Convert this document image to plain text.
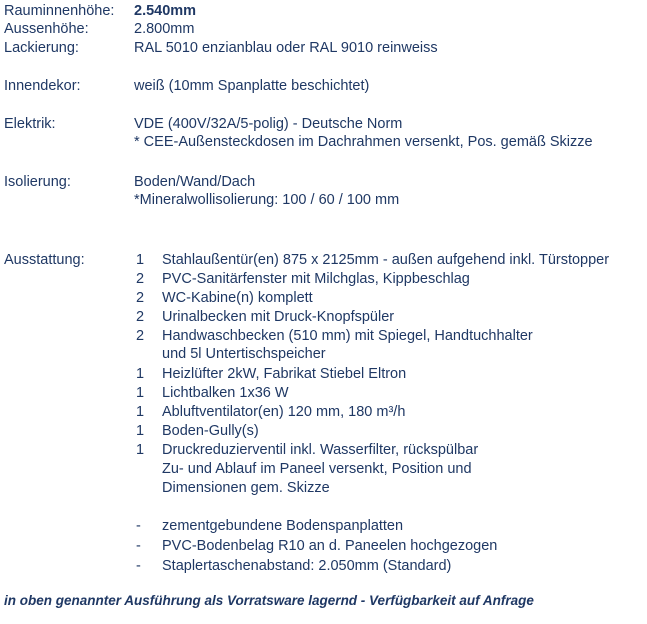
Rauminnenhöhe: 2.540mm
Aussenhöhe:	2.800mm
Lackierung:	RAL 5010 enzianblau oder RAL 9010 reinweiss
Innendekor:	weiß (10mm Spanplatte beschichtet)
Elektrik:	VDE (400V/32A/5-polig) - Deutsche Norm
* CEE-Außensteckdosen im Dachrahmen versenkt, Pos. gemäß Skizze
Isolierung:	Boden/Wand/Dach
*Mineralwollisolierung: 100 / 60 / 100 mm
Ausstattung:	1	Stahlaußentür(en) 875 x 2125mm - außen aufgehend inkl. Türstopper
2	PVC-Sanitärfenster mit Milchglas, Kippbeschlag
2	WC-Kabine(n) komplett
2	Urinalbecken mit Druck-Knopfspüler
2	Handwaschbecken (510 mm) mit Spiegel, Handtuchhalter
und 5l Untertischspeicher
1	Heizlüfter 2kW, Fabrikat Stiebel Eltron
1	Lichtbalken 1x36 W
1	Abluftventilator(en) 120 mm, 180 m³/h
1	Boden-Gully(s)
1	Druckreduzierventil inkl. Wasserfilter, rückspülbar
Zu- und Ablauf im Paneel versenkt, Position und
Dimensionen gem. Skizze
-	zementgebundene Bodenspanplatten
-	PVC-Bodenbelag R10 an d. Paneelen hochgezogen
-	Staplertaschenabstand: 2.050mm (Standard)
in oben genannter Ausführung als Vorratsware lagernd - Verfügbarkeit auf Anfrage
